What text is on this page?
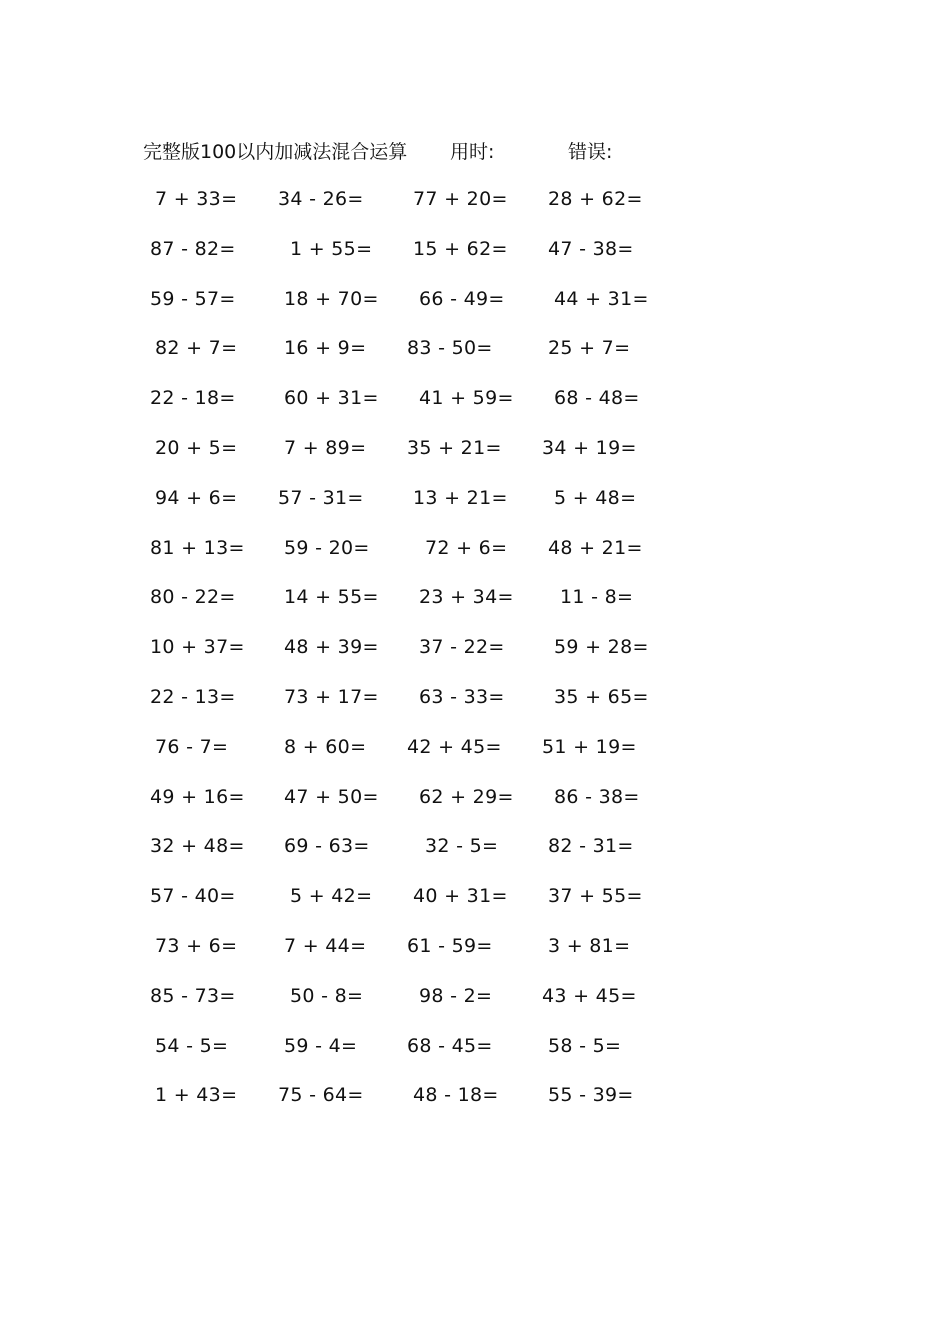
完整版100以内加减法混合运算 用时:	错误:
7 + 33= 34 - 26=	77 + 20= 28 + 62=
87 - 82=	1 + 55= 15 + 62= 47 - 38=
59 - 57=	18 + 70= 66 - 49=	44 + 31=
82 + 7= 16 + 9= 83 - 50=	25 + 7=
22 - 18=	60 + 31= 41 + 59= 68 - 48=
20 + 5= 7 + 89= 35 + 21= 34 + 19=
94 + 6= 57 - 31=	13 + 21= 5 + 48=
81 + 13= 59 - 20=	72 + 6= 48 + 21=
80 - 22=	14 + 55= 23 + 34= 11 - 8=
10 + 37= 48 + 39= 37 - 22=	59 + 28=
22 - 13=	73 + 17= 63 - 33=	35 + 65=
76 - 7=	8 + 60= 42 + 45= 51 + 19=
49 + 16= 47 + 50= 62 + 29= 86 - 38=
32 + 48= 69 - 63=	32 - 5=	82 - 31=
57 - 40=	5 + 42= 40 + 31= 37 + 55=
73 + 6= 7 + 44= 61 - 59=	3 + 81=
85 - 73=	50 - 8=	98 - 2=	43 + 45=
54 - 5=	59 - 4=	68 - 45=	58 - 5=
1 + 43= 75 - 64=	48 - 18=	55 - 39=
